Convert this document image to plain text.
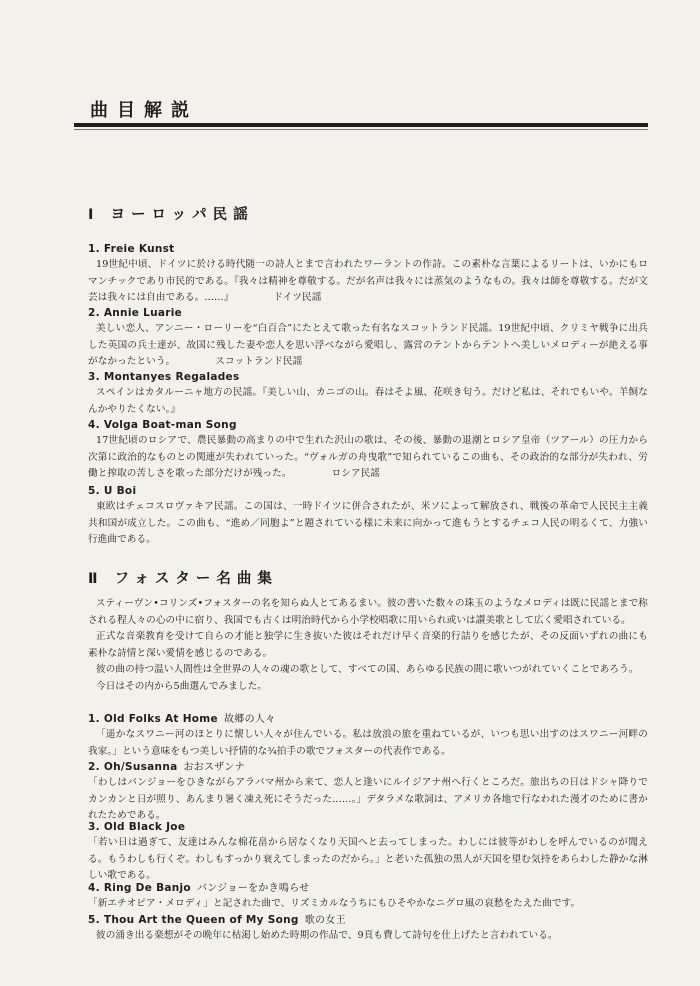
曲目解説
Ⅰ ヨーロッパ民謡
1. Freie Kunst

19世紀中頃、ドイツに於ける時代随一の詩人とまで言われたワーラントの作詩。この素朴な言葉によるリートは、いかにもロマンチックであり市民的である。『我々は精神を尊敬する。だが名声は我々には蒸気のようなもの。我々は師を尊敬する。だが文芸は我々には自由である。……』	ドイツ民謡

2. Annie Luarie

美しい恋人、アンニー・ローリーを“白百合”にたとえて歌った有名なスコットランド民謡。19世紀中頃、クリミヤ戦争に出兵した英国の兵士達が、故国に残した妻や恋人を思い浮べながら愛唱し、露営のテントからテントへ美しいメロディーが絶える事がなかったという。	スコットランド民謡

3. Montanyes Regalades

スペインはカタルーニャ地方の民謡。『美しい山、カニゴの山。春はそよ風、花咲き匂う。だけど私は、それでもいや。羊飼なんかやりたくない。』

4. Volga Boat-man Song

17世紀頃のロシアで、農民暴動の高まりの中で生れた沢山の歌は、その後、暴動の退潮とロシア皇帝（ツアール）の圧力から次第に政治的なものとの関連が失われていった。“ヴォルガの舟曳歌”で知られているこの曲も、その政治的な部分が失われ、労働と搾取の苦しさを歌った部分だけが残った。	ロシア民謡

5. U Boi

東欧はチェコスロヴァキア民謡。この国は、一時ドイツに併合されたが、米ソによって解放され、戦後の革命で人民民主主義共和国が成立した。この曲も、“進め／同胞よ”と題されている様に未来に向かって進もうとするチェコ人民の明るくて、力強い行進曲である。

Ⅱ フォスター名曲集

スティーヴン•コリンズ•フォスターの名を知らぬ人とてあるまい。彼の書いた数々の珠玉のようなメロディは既に民謡とまで称される程人々の心の中に宿り、我国でも古くは明治時代から小学校唱歌に用いられ或いは讃美歌として広く愛唱されている。

正式な音楽教育を受けて自らの才能と独学に生き抜いた彼はそれだけ早く音楽的行詰りを感じたが、その反面いずれの曲にも素朴な詩情と深い愛情を感じるのである。

彼の曲の持つ温い人間性は全世界の人々の魂の歌として、すべての国、あらゆる民族の間に歌いつがれていくことであろう。

今日はその内から5曲選んでみました。

1. Old Folks At Home 故郷の人々

「遥かなスワニー河のほとりに懐しい人々が住んでいる。私は放浪の旅を重ねているが、いつも思い出すのはスワニー河畔の我家。」という意味をもつ美しい抒情的な¾拍手の歌でフォスターの代表作である。

2. Oh/Susanna おおスザンナ

「わしはバンジョーをひきながらアラバマ州から来て、恋人と逢いにルイジアナ州へ行くところだ。旅出ちの日はドシャ降りでカンカンと日が照り、あんまり暑く凍え死にそうだった……。」デタラメな歌詞は、アメリカ各地で行なわれた漫才のために書かれたためである。

3. Old Black Joe

「若い日は過ぎて、友達はみんな棉花畠から居なくなり天国へと去ってしまった。わしには彼等がわしを呼んでいるのが聞える。もうわしも行くぞ。わしもすっかり衰えてしまったのだから。」と老いた孤独の黒人が天国を望む気持をあらわした静かな淋しい歌である。

4. Ring De Banjo バンジョーをかき鳴らせ

「新エチオピア・メロディ」と記された曲で、リズミカルなうちにもひそやかなニグロ風の哀愁をたえた曲です。

5. Thou Art the Queen of My Song 歌の女王

彼の涌き出る楽想がその晩年に枯渇し始めた時期の作品で、9頁も費して詩句を仕上げたと言われている。
